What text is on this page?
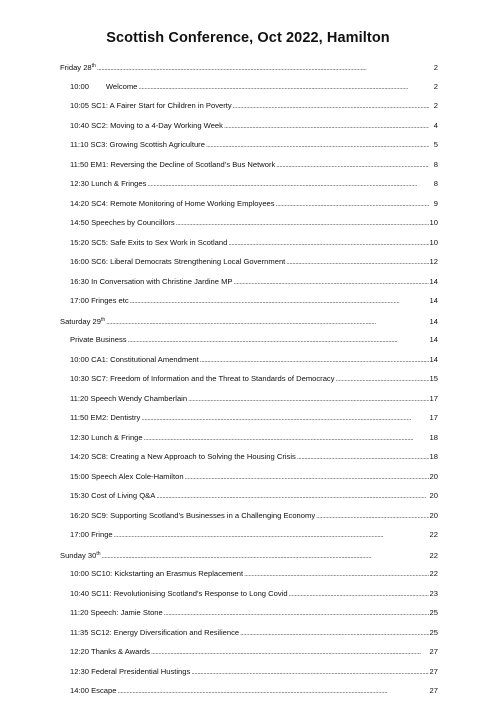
Scottish Conference, Oct 2022, Hamilton
Friday 28th . . .	2
10:00        Welcome . . .	2
10:05 SC1: A Fairer Start for Children in Poverty . . .	2
10:40 SC2: Moving to a 4-Day Working Week . . .	4
11:10 SC3: Growing Scottish Agriculture . . .	5
11:50 EM1: Reversing the Decline of Scotland’s Bus Network . . .	8
12:30 Lunch & Fringes . . .	8
14:20 SC4: Remote Monitoring of Home Working Employees . . .	9
14:50 Speeches by Councillors . . .	10
15:20 SC5: Safe Exits to Sex Work in Scotland . . .	10
16:00 SC6: Liberal Democrats Strengthening Local Government . . .	12
16:30 In Conversation with Christine Jardine MP . . .	14
17:00 Fringes etc . . .	14
Saturday 29th . . .	14
Private Business . . .	14
10:00 CA1: Constitutional Amendment . . .	14
10:30 SC7: Freedom of Information and the Threat to Standards of Democracy . . .	15
11:20 Speech Wendy Chamberlain . . .	17
11:50 EM2: Dentistry . . .	17
12:30 Lunch & Fringe . . .	18
14:20 SC8: Creating a New Approach to Solving the Housing Crisis . . .	18
15:00 Speech Alex Cole-Hamilton . . .	20
15:30 Cost of Living Q&A . . .	20
16:20 SC9: Supporting Scotland’s Businesses in a Challenging Economy . . .	20
17:00 Fringe . . .	22
Sunday 30th . . .	22
10:00 SC10: Kickstarting an Erasmus Replacement . . .	22
10:40 SC11: Revolutionising Scotland’s Response to Long Covid . . .	23
11:20 Speech: Jamie Stone . . .	25
11:35 SC12: Energy Diversification and Resilience . . .	25
12:20 Thanks & Awards . . .	27
12:30 Federal Presidential Hustings . . .	27
14:00 Escape . . .	27
